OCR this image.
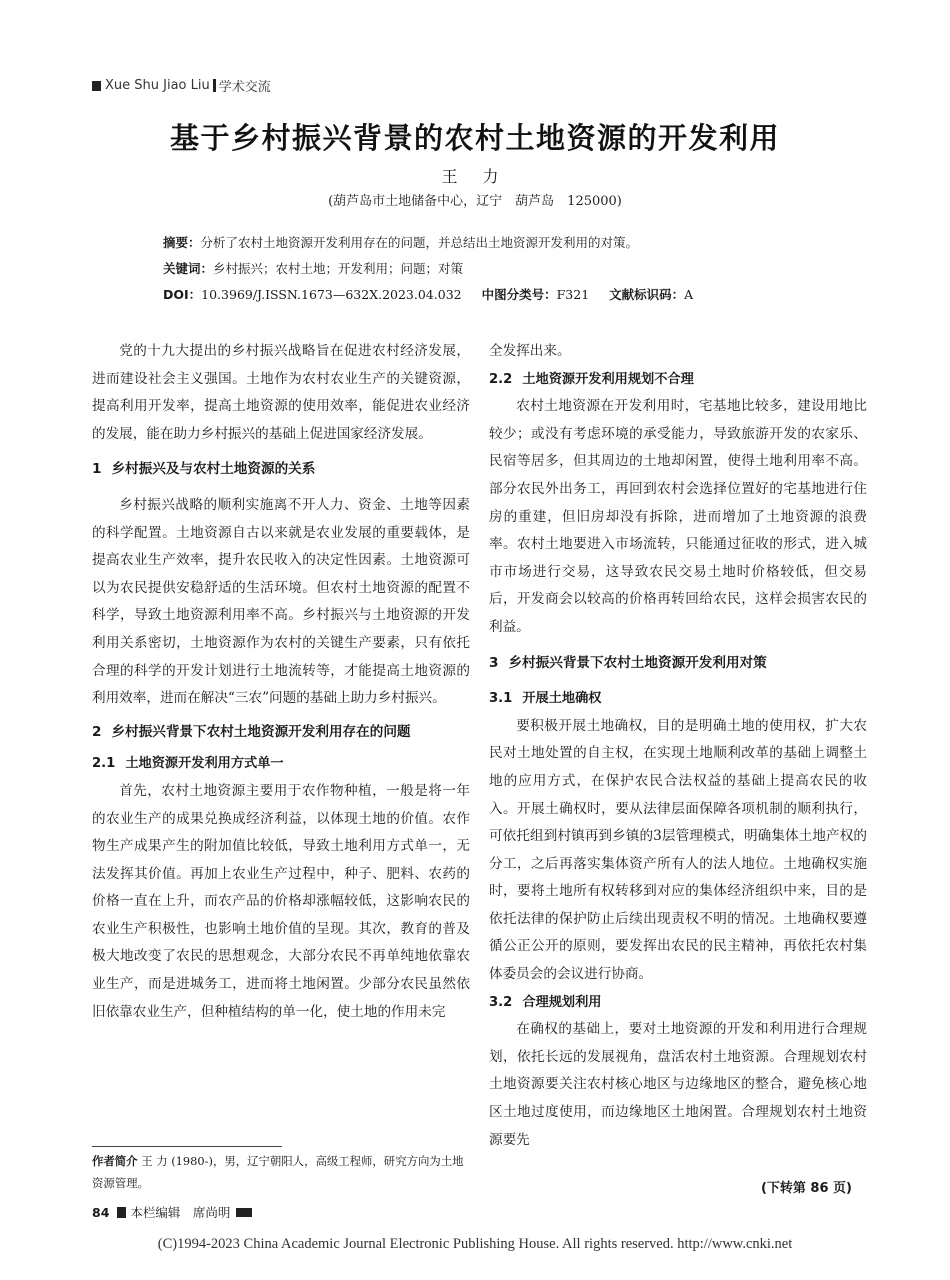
Xue Shu Jiao Liu 学术交流
基于乡村振兴背景的农村土地资源的开发利用
王 力
(葫芦岛市土地储备中心，辽宁　葫芦岛　125000)
摘要：分析了农村土地资源开发利用存在的问题，并总结出土地资源开发利用的对策。
关键词：乡村振兴；农村土地；开发利用；问题；对策
DOI：10.3969/J.ISSN.1673—632X.2023.04.032 中图分类号：F321 文献标识码：A

党的十九大提出的乡村振兴战略旨在促进农村经济发展，进而建设社会主义强国。土地作为农村农业生产的关键资源，提高利用开发率，提高土地资源的使用效率，能促进农业经济的发展，能在助力乡村振兴的基础上促进国家经济发展。

1 乡村振兴及与农村土地资源的关系

乡村振兴战略的顺利实施离不开人力、资金、土地等因素的科学配置。土地资源自古以来就是农业发展的重要载体，是提高农业生产效率，提升农民收入的决定性因素。土地资源可以为农民提供安稳舒适的生活环境。但农村土地资源的配置不科学，导致土地资源利用率不高。乡村振兴与土地资源的开发利用关系密切，土地资源作为农村的关键生产要素，只有依托合理的科学的开发计划进行土地流转等，才能提高土地资源的利用效率，进而在解决“三农”问题的基础上助力乡村振兴。

2 乡村振兴背景下农村土地资源开发利用存在的问题
2.1 土地资源开发利用方式单一

首先，农村土地资源主要用于农作物种植，一般是将一年的农业生产的成果兑换成经济利益，以体现土地的价值。农作物生产成果产生的附加值比较低，导致土地利用方式单一，无法发挥其价值。再加上农业生产过程中，种子、肥料、农药的价格一直在上升，而农产品的价格却涨幅较低，这影响农民的农业生产积极性，也影响土地价值的呈现。其次，教育的普及极大地改变了农民的思想观念，大部分农民不再单纯地依靠农业生产，而是进城务工，进而将土地闲置。少部分农民虽然依旧依靠农业生产，但种植结构的单一化，使土地的作用未完

全发挥出来。

2.2 土地资源开发利用规划不合理

农村土地资源在开发利用时，宅基地比较多，建设用地比较少；或没有考虑环境的承受能力，导致旅游开发的农家乐、民宿等居多，但其周边的土地却闲置，使得土地利用率不高。部分农民外出务工，再回到农村会选择位置好的宅基地进行住房的重建，但旧房却没有拆除，进而增加了土地资源的浪费率。农村土地要进入市场流转，只能通过征收的形式，进入城市市场进行交易，这导致农民交易土地时价格较低，但交易后，开发商会以较高的价格再转回给农民，这样会损害农民的利益。

3 乡村振兴背景下农村土地资源开发利用对策
3.1 开展土地确权

要积极开展土地确权，目的是明确土地的使用权，扩大农民对土地处置的自主权，在实现土地顺利改革的基础上调整土地的应用方式，在保护农民合法权益的基础上提高农民的收入。开展土确权时，要从法律层面保障各项机制的顺利执行，可依托组到村镇再到乡镇的3层管理模式，明确集体土地产权的分工，之后再落实集体资产所有人的法人地位。土地确权实施时，要将土地所有权转移到对应的集体经济组织中来，目的是依托法律的保护防止后续出现责权不明的情况。土地确权要遵循公正公开的原则，要发挥出农民的民主精神，再依托农村集体委员会的会议进行协商。

3.2 合理规划利用

在确权的基础上，要对土地资源的开发和利用进行合理规划，依托长远的发展视角，盘活农村土地资源。合理规划农村土地资源要关注农村核心地区与边缘地区的整合，避免核心地区土地过度使用，而边缘地区土地闲置。合理规划农村土地资源要先

作者简介 王 力 (1980-)，男，辽宁朝阳人，高级工程师，研究方向为土地资源管理。	(下转第 86 页)
84 本栏编辑　席尚明
(C)1994-2023 China Academic Journal Electronic Publishing House. All rights reserved. http://www.cnki.net
